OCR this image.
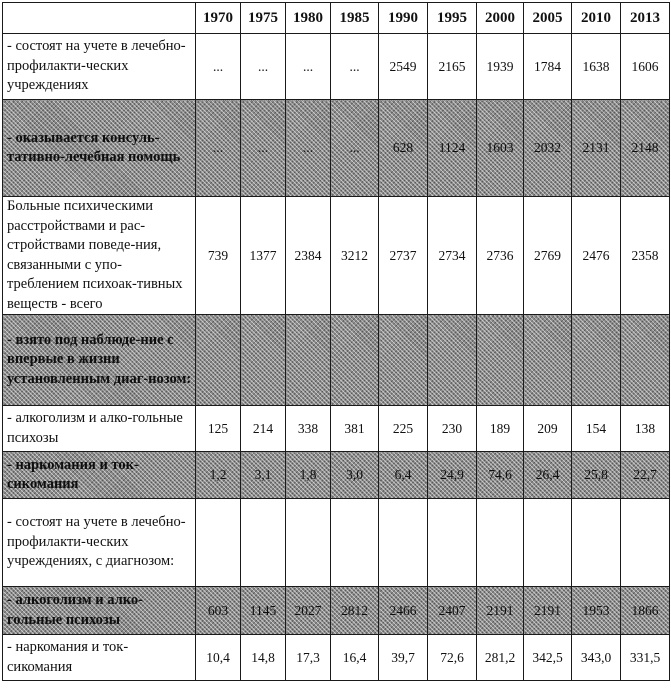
	1970	1975	1980	1985	1990	1995	2000	2005	2010	2013
- состоят на учете в лечебно-профилакти-ческих учреждениях	...	...	...	...	2549	2165	1939	1784	1638	1606
- оказывается консуль-тативно-лечебная помощь	...	...	...	...	628	1124	1603	2032	2131	2148
Больные психическими расстройствами и рас-стройствами поведе-ния, связанными с упо-треблением психоак-тивных веществ - всего	739	1377	2384	3212	2737	2734	2736	2769	2476	2358
- взято под наблюде-ние с впервые в жизни установленным диаг-нозом:										
- алкоголизм и алко-гольные психозы	125	214	338	381	225	230	189	209	154	138
- наркомания и ток-сикомания	1,2	3,1	1,8	3,0	6,4	24,9	74,6	26,4	25,8	22,7
- состоят на учете в лечебно-профилакти-ческих учреждениях, с диагнозом:										
- алкоголизм и алко-гольные психозы	603	1145	2027	2812	2466	2407	2191	2191	1953	1866
- наркомания и ток-сикомания	10,4	14,8	17,3	16,4	39,7	72,6	281,2	342,5	343,0	331,5
